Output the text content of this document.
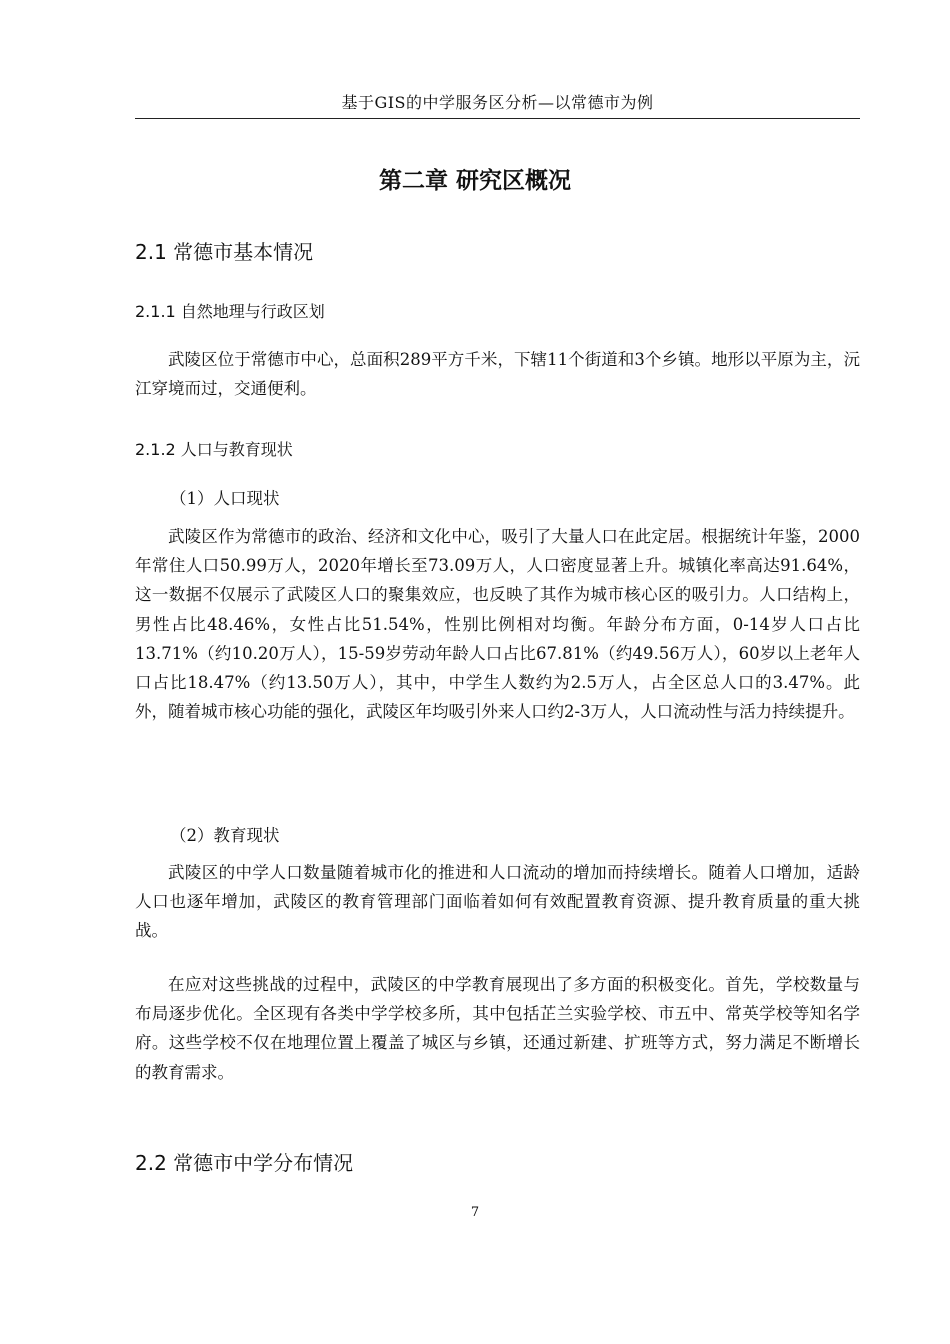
基于GIS的中学服务区分析—以常德市为例
第二章 研究区概况
2.1 常德市基本情况
2.1.1 自然地理与行政区划

武陵区位于常德市中心，总面积289平方千米，下辖11个街道和3个乡镇。地形以平原为主，沅江穿境而过，交通便利。

2.1.2 人口与教育现状
（1）人口现状

武陵区作为常德市的政治、经济和文化中心，吸引了大量人口在此定居。根据统计年鉴，2000年常住人口50.99万人，2020年增长至73.09万人，人口密度显著上升。城镇化率高达91.64%，这一数据不仅展示了武陵区人口的聚集效应，也反映了其作为城市核心区的吸引力。人口结构上，男性占比48.46%，女性占比51.54%，性别比例相对均衡。年龄分布方面，0-14岁人口占比13.71%（约10.20万人），15-59岁劳动年龄人口占比67.81%（约49.56万人），60岁以上老年人口占比18.47%（约13.50万人），其中，中学生人数约为2.5万人，占全区总人口的3.47%。此外，随着城市核心功能的强化，武陵区年均吸引外来人口约2-3万人，人口流动性与活力持续提升。

（2）教育现状

武陵区的中学人口数量随着城市化的推进和人口流动的增加而持续增长。随着人口增加，适龄人口也逐年增加，武陵区的教育管理部门面临着如何有效配置教育资源、提升教育质量的重大挑战。

在应对这些挑战的过程中，武陵区的中学教育展现出了多方面的积极变化。首先，学校数量与布局逐步优化。全区现有各类中学学校多所，其中包括芷兰实验学校、市五中、常英学校等知名学府。这些学校不仅在地理位置上覆盖了城区与乡镇，还通过新建、扩班等方式，努力满足不断增长的教育需求。

2.2 常德市中学分布情况
7
